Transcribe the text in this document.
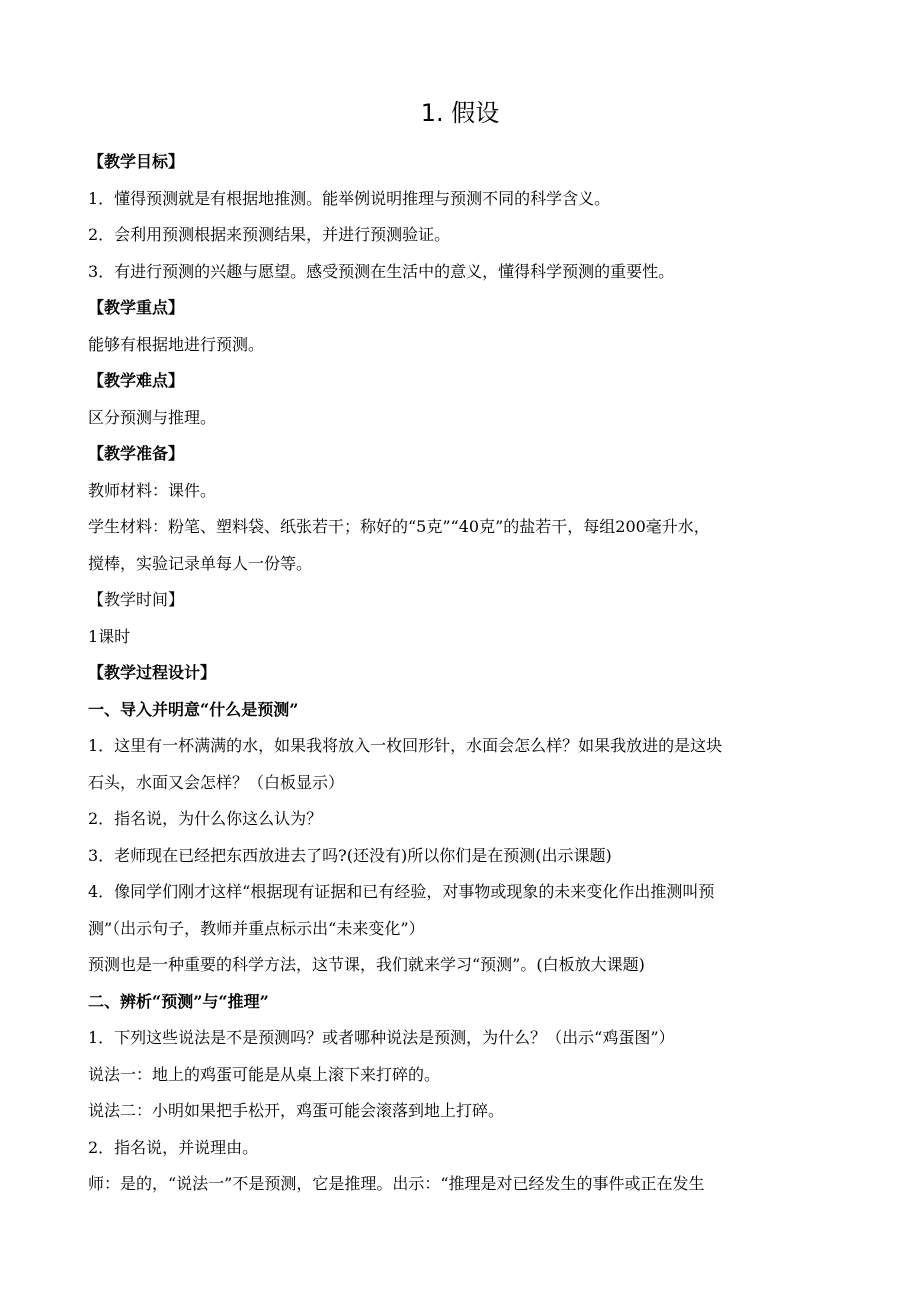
1. 假设
【教学目标】
1．懂得预测就是有根据地推测。能举例说明推理与预测不同的科学含义。
2．会利用预测根据来预测结果，并进行预测验证。
3．有进行预测的兴趣与愿望。感受预测在生活中的意义，懂得科学预测的重要性。
【教学重点】
能够有根据地进行预测。
【教学难点】
区分预测与推理。
【教学准备】
教师材料：课件。
学生材料：粉笔、塑料袋、纸张若干；称好的“5克”“40克”的盐若干，每组200毫升水，
搅棒，实验记录单每人一份等。
【教学时间】
1课时
【教学过程设计】
一、导入并明意“什么是预测”
1．这里有一杯满满的水，如果我将放入一枚回形针，水面会怎么样？如果我放进的是这块
石头，水面又会怎样？（白板显示）
2．指名说，为什么你这么认为？
3．老师现在已经把东西放进去了吗?(还没有)所以你们是在预测(出示课题)
4．像同学们刚才这样“根据现有证据和已有经验，对事物或现象的未来变化作出推测叫预
测”（出示句子，教师并重点标示出“未来变化”）
预测也是一种重要的科学方法，这节课，我们就来学习“预测”。(白板放大课题)
二、辨析“预测”与“推理”
1．下列这些说法是不是预测吗？或者哪种说法是预测，为什么？（出示“鸡蛋图”）
说法一：地上的鸡蛋可能是从桌上滚下来打碎的。
说法二：小明如果把手松开，鸡蛋可能会滚落到地上打碎。
2．指名说，并说理由。
师：是的，“说法一”不是预测，它是推理。出示：“推理是对已经发生的事件或正在发生
